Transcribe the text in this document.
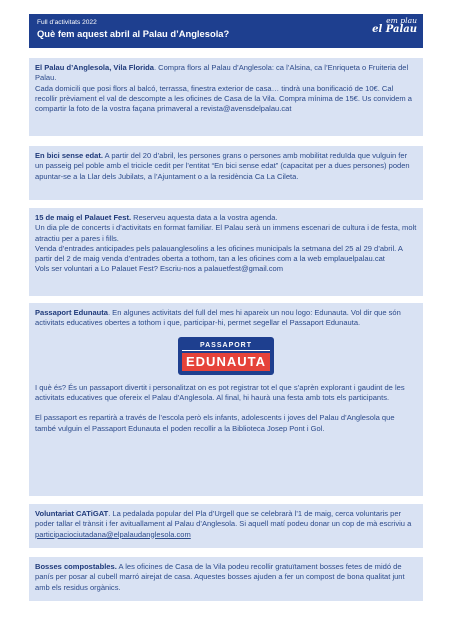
Full d’activitats 2022
Què fem aquest abril al Palau d’Anglesola?
em plau
el Palau

El Palau d’Anglesola, Vila Florida. Compra flors al Palau d’Anglesola: ca l’Alsina, ca l’Enriqueta o Fruiteria del Palau.

Cada domicili que posi flors al balcó, terrassa, finestra exterior de casa… tindrà una bonificació de 10€. Cal recollir prèviament el val de descompte a les oficines de Casa de la Vila. Compra mínima de 15€. Us convidem a compartir la foto de la vostra façana primaveral a revista@avensdelpalau.cat

En bici sense edat. A partir del 20 d’abril, les persones grans o persones amb mobilitat reduïda que vulguin fer un passeig pel poble amb el tricicle cedit per l’entitat “En bici sense edat” (capacitat per a dues persones) poden apuntar-se a la Llar dels Jubilats, a l’Ajuntament o a la residència Ca La Cileta.

15 de maig el Palauet Fest. Reserveu aquesta data a la vostra agenda.

Un dia ple de concerts i d’activitats en format familiar. El Palau serà un immens escenari de cultura i de festa, molt atractiu per a pares i fills.

Venda d’entrades anticipades pels palauanglesolins a les oficines municipals la setmana del 25 al 29 d’abril. A partir del 2 de maig venda d’entrades oberta a tothom, tan a les oficines com a la web emplauelpalau.cat

Vols ser voluntari a Lo Palauet Fest? Escriu-nos a palauetfest@gmail.com

Passaport Edunauta. En algunes activitats del full del mes hi apareix un nou logo: Edunauta. Vol dir que són activitats educatives obertes a tothom i que, participar-hi, permet segellar el Passaport Edunauta.

PASSAPORT
EDUNAUTA

I què és? És un passaport divertit i personalitzat on es pot registrar tot el que s’aprèn explorant i gaudint de les activitats educatives que ofereix el Palau d’Anglesola. Al final, hi haurà una festa amb tots els participants.

El passaport es repartirà a través de l’escola però els infants, adolescents i joves del Palau d’Anglesola que també vulguin el Passaport Edunauta el poden recollir a la Biblioteca Josep Pont i Gol.

Voluntariat CATiGAT. La pedalada popular del Pla d’Urgell que se celebrarà l’1 de maig, cerca voluntaris per poder tallar el trànsit i fer avituallament al Palau d’Anglesola. Si aquell matí podeu donar un cop de mà escriviu a participaciociutadana@elpalaudanglesola.com

Bosses compostables. A les oficines de Casa de la Vila podeu recollir gratuïtament bosses fetes de midó de panís per posar al cubell marró airejat de casa. Aquestes bosses ajuden a fer un compost de bona qualitat junt amb els residus orgànics.
